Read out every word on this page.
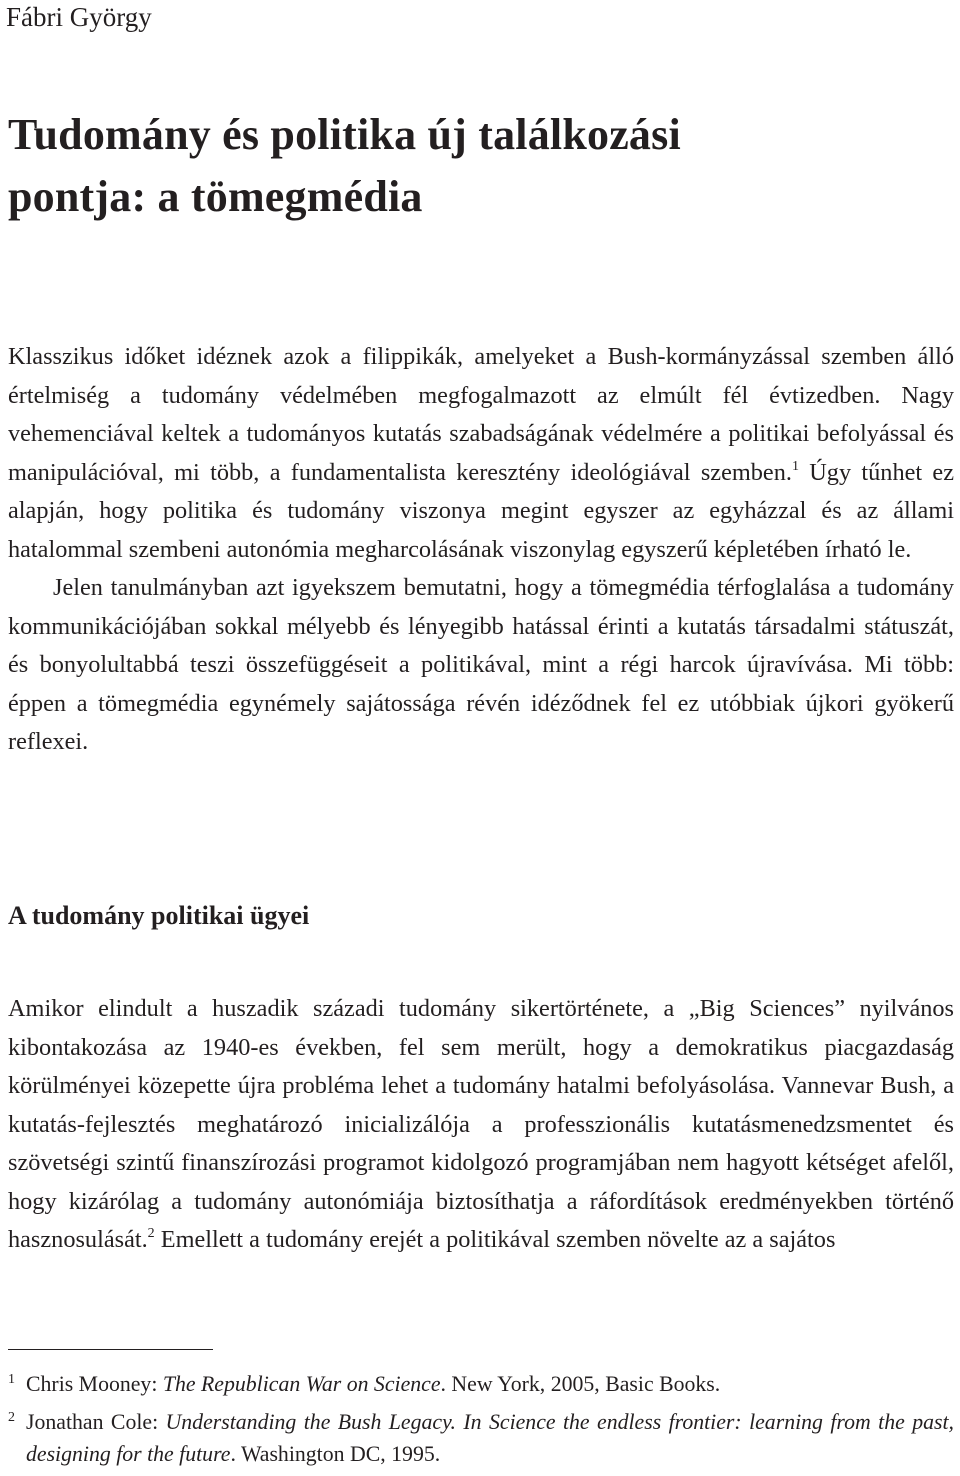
Fábri György
Tudomány és politika új találkozási
pontja: a tömegmédia

Klasszikus időket idéznek azok a filippikák, amelyeket a Bush-kormányzással szemben álló értelmiség a tudomány védelmében megfogalmazott az elmúlt fél évtizedben. Nagy vehemenciával keltek a tudományos kutatás szabadságának védelmére a politikai befolyással és manipulációval, mi több, a fundamentalista keresztény ideológiával szemben.$^1$ Úgy tűnhet ez alapján, hogy politika és tudomány viszonya megint egyszer az egyházzal és az állami hatalommal szembeni autonómia megharcolásának viszonylag egyszerű képletében írható le.

Jelen tanulmányban azt igyekszem bemutatni, hogy a tömegmédia térfoglalása a tudomány kommunikációjában sokkal mélyebb és lényegibb hatással érinti a kutatás társadalmi státuszát, és bonyolultabbá teszi összefüggéseit a politikával, mint a régi harcok újravívása. Mi több: éppen a tömegmédia egynémely sajátossága révén idéződnek fel ez utóbbiak újkori gyökerű reflexei.

A tudomány politikai ügyei

Amikor elindult a huszadik századi tudomány sikertörténete, a „Big Sciences” nyilvános kibontakozása az 1940-es években, fel sem merült, hogy a demokratikus piacgazdaság körülményei közepette újra probléma lehet a tudomány hatalmi befolyásolása. Vannevar Bush, a kutatás-fejlesztés meghatározó inicializálója a professzionális kutatásmenedzsmentet és szövetségi szintű finanszírozási programot kidolgozó programjában nem hagyott kétséget afelől, hogy kizárólag a tudomány autonómiája biztosíthatja a ráfordítások eredményekben történő hasznosulását.$^2$ Emellett a tudomány erejét a politikával szemben növelte az a sajátos

1 Chris Mooney: The Republican War on Science. New York, 2005, Basic Books.

2 Jonathan Cole: Understanding the Bush Legacy. In Science the endless frontier: learning from the past, designing for the future. Washington DC, 1995.
